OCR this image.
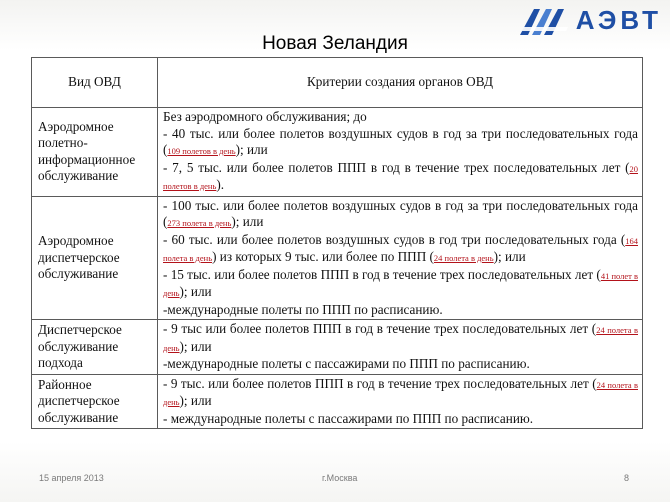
АЭВТ
Новая Зеландия
Вид ОВД	Критерии создания органов ОВД
Аэродромное полетно-информационное обслуживание	Без аэродромного обслуживания; до
- 40 тыс. или более полетов воздушных судов в год за три последовательных года (109 полетов в день); или
- 7, 5 тыс. или более полетов ППП в год в течение трех последовательных лет (20 полетов в день).

Аэродромное диспетчерское обслуживание	- 100 тыс. или более полетов воздушных судов в год за три последовательных года (273 полета в день); или
- 60 тыс. или более полетов воздушных судов в год три последовательных года (164 полета в день) из которых 9 тыс. или более по ППП (24 полета в день); или
- 15 тыс. или более полетов ППП в год в течение трех последовательных лет (41 полет в день); или
-международные полеты по ППП по расписанию.

Диспетчерское обслуживание подхода	- 9 тыс или более полетов ППП в год в течение трех последовательных лет (24 полета в день); или
-международные полеты с пассажирами по ППП по расписанию.

Районное диспетчерское обслуживание	- 9 тыс. или более полетов ППП в год в течение трех последовательных лет (24 полета в день); или
- международные полеты с пассажирами по ППП по расписанию.

15 апреля 2013	г.Москва	8
